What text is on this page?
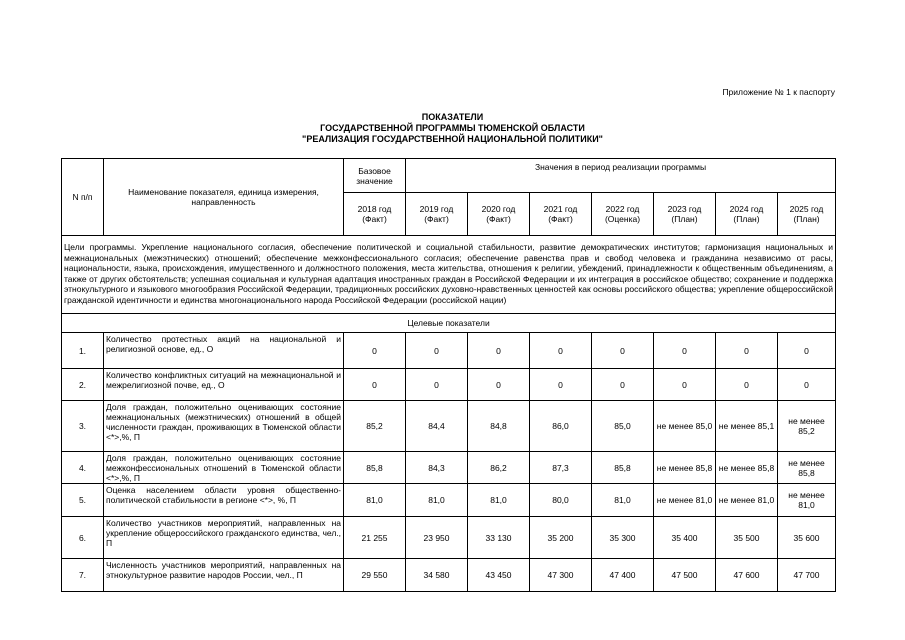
Приложение № 1 к паспорту
ПОКАЗАТЕЛИ
ГОСУДАРСТВЕННОЙ ПРОГРАММЫ ТЮМЕНСКОЙ ОБЛАСТИ
"РЕАЛИЗАЦИЯ ГОСУДАРСТВЕННОЙ НАЦИОНАЛЬНОЙ ПОЛИТИКИ"
N п/п	Наименование показателя, единица измерения, направленность	Базовое значение	Значения в период реализации программы						
		2018 год (Факт)	2019 год (Факт)	2020 год (Факт)	2021 год (Факт)	2022 год (Оценка)	2023 год (План)	2024 год (План)	2025 год (План)
Цели программы. Укрепление национального согласия, обеспечение политической и социальной стабильности, развитие демократических институтов; гармонизация национальных и межнациональных (межэтнических) отношений; обеспечение межконфессионального согласия; обеспечение равенства прав и свобод человека и гражданина независимо от расы, национальности, языка, происхождения, имущественного и должностного положения, места жительства, отношения к религии, убеждений, принадлежности к общественным объединениям, а также от других обстоятельств; успешная социальная и культурная адаптация иностранных граждан в Российской Федерации и их интеграция в российское общество; сохранение и поддержка этнокультурного и языкового многообразия Российской Федерации, традиционных российских духовно-нравственных ценностей как основы российского общества; укрепление общероссийской гражданской идентичности и единства многонационального народа Российской Федерации (российской нации)									
Целевые показатели									
1.	Количество протестных акций на национальной и религиозной основе, ед., О	0	0	0	0	0	0	0	0
2.	Количество конфликтных ситуаций на межнациональной и межрелигиозной почве, ед., О	0	0	0	0	0	0	0	0
3.	Доля граждан, положительно оценивающих состояние межнациональных (межэтнических) отношений в общей численности граждан, проживающих в Тюменской области <*>,%, П	85,2	84,4	84,8	86,0	85,0	не менее 85,0	не менее 85,1	не менее 85,2
4.	Доля граждан, положительно оценивающих состояние межконфессиональных отношений в Тюменской области <*>,%, П	85,8	84,3	86,2	87,3	85,8	не менее 85,8	не менее 85,8	не менее 85,8
5.	Оценка населением области уровня общественно-политической стабильности в регионе <*>, %, П	81,0	81,0	81,0	80,0	81,0	не менее 81,0	не менее 81,0	не менее 81,0
6.	Количество участников мероприятий, направленных на укрепление общероссийского гражданского единства, чел., П	21 255	23 950	33 130	35 200	35 300	35 400	35 500	35 600
7.	Численность участников мероприятий, направленных на этнокультурное развитие народов России, чел., П	29 550	34 580	43 450	47 300	47 400	47 500	47 600	47 700
